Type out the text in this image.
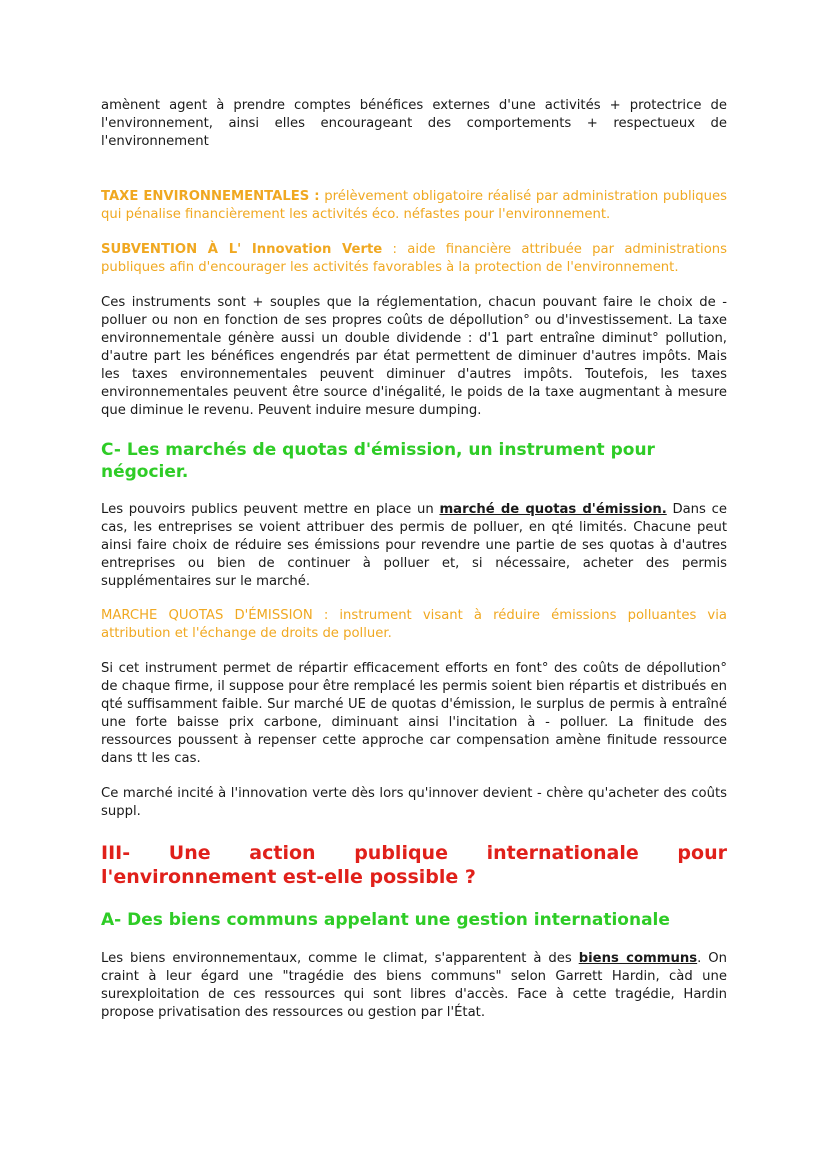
amènent agent à prendre comptes bénéfices externes d'une activités + protectrice de l'environnement, ainsi elles encourageant des comportements + respectueux de l'environnement

TAXE ENVIRONNEMENTALES : prélèvement obligatoire réalisé par administration publiques qui pénalise financièrement les activités éco. néfastes pour l'environnement.

SUBVENTION À L' Innovation Verte : aide financière attribuée par administrations publiques afin d'encourager les activités favorables à la protection de l'environnement.

Ces instruments sont + souples que la réglementation, chacun pouvant faire le choix de - polluer ou non en fonction de ses propres coûts de dépollution° ou d'investissement. La taxe environnementale génère aussi un double dividende : d'1 part entraîne diminut° pollution, d'autre part les bénéfices engendrés par état permettent de diminuer d'autres impôts. Mais les taxes environnementales peuvent diminuer d'autres impôts. Toutefois, les taxes environnementales peuvent être source d'inégalité, le poids de la taxe augmentant à mesure que diminue le revenu. Peuvent induire mesure dumping.

C- Les marchés de quotas d'émission, un instrument pour négocier.

Les pouvoirs publics peuvent mettre en place un marché de quotas d'émission. Dans ce cas, les entreprises se voient attribuer des permis de polluer, en qté limités. Chacune peut ainsi faire choix de réduire ses émissions pour revendre une partie de ses quotas à d'autres entreprises ou bien de continuer à polluer et, si nécessaire, acheter des permis supplémentaires sur le marché.

MARCHE QUOTAS D'ÉMISSION : instrument visant à réduire émissions polluantes via attribution et l'échange de droits de polluer.

Si cet instrument permet de répartir efficacement efforts en font° des coûts de dépollution° de chaque firme, il suppose pour être remplacé les permis soient bien répartis et distribués en qté suffisamment faible. Sur marché UE de quotas d'émission, le surplus de permis à entraîné une forte baisse prix carbone, diminuant ainsi l'incitation à - polluer. La finitude des ressources poussent à repenser cette approche car compensation amène finitude ressource dans tt les cas.

Ce marché incité à l'innovation verte dès lors qu'innover devient - chère qu'acheter des coûts suppl.

III- Une action publique internationale pour l'environnement est-elle possible ?
A- Des biens communs appelant une gestion internationale

Les biens environnementaux, comme le climat, s'apparentent à des biens communs. On craint à leur égard une "tragédie des biens communs" selon Garrett Hardin, càd une surexploitation de ces ressources qui sont libres d'accès. Face à cette tragédie, Hardin propose privatisation des ressources ou gestion par l'État.
